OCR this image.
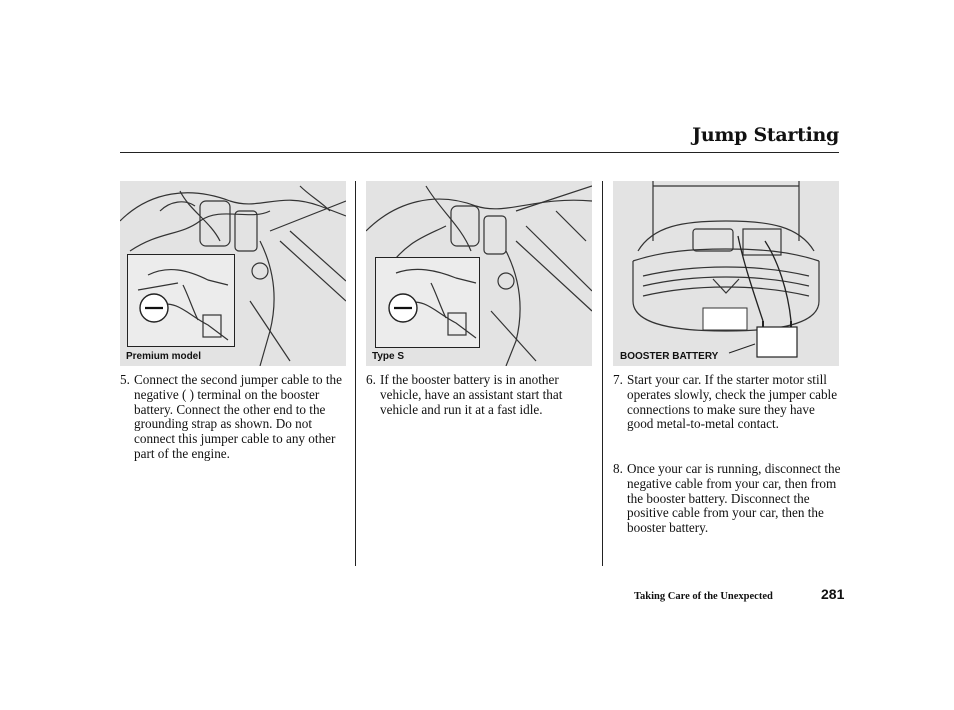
Jump Starting
Premium model	Type S	BOOSTER BATTERY
5. Connect the second jumper cable to the negative ( ) terminal on the booster battery. Connect the other end to the grounding strap as shown. Do not connect this jumper cable to any other part of the engine.
6. If the booster battery is in another vehicle, have an assistant start that vehicle and run it at a fast idle.
7. Start your car. If the starter motor still operates slowly, check the jumper cable connections to make sure they have good metal-to-metal contact.
8. Once your car is running, disconnect the negative cable from your car, then from the booster battery. Disconnect the positive cable from your car, then the booster battery.
Taking Care of the Unexpected	281
